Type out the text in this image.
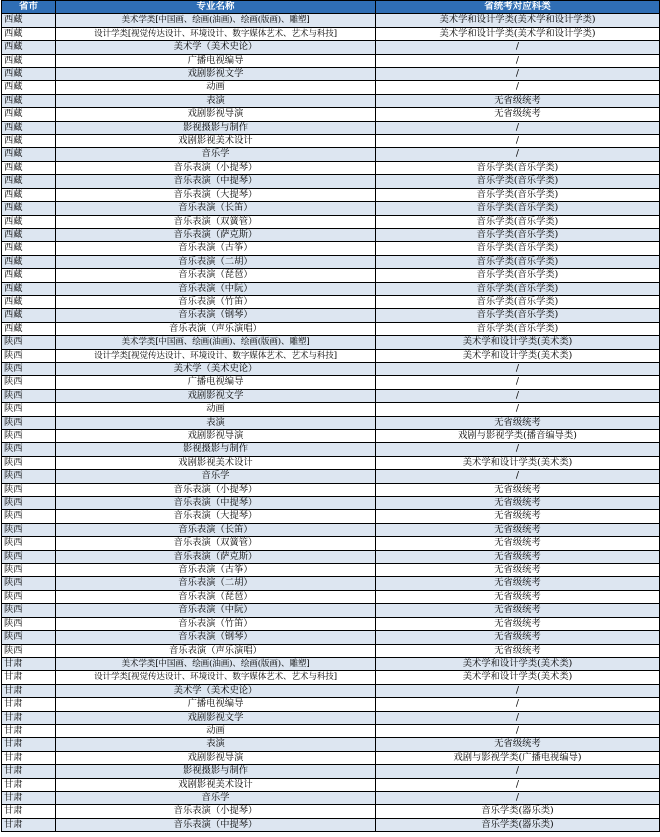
省市	专业名称	省统考对应科类
西藏	美术学类[中国画、绘画(油画)、绘画(版画)、雕塑]	美术学和设计学类(美术学和设计学类)
西藏	设计学类[视觉传达设计、环境设计、数字媒体艺术、艺术与科技]	美术学和设计学类(美术学和设计学类)
西藏	美术学（美术史论）	/
西藏	广播电视编导	/
西藏	戏剧影视文学	/
西藏	动画	/
西藏	表演	无省级统考
西藏	戏剧影视导演	无省级统考
西藏	影视摄影与制作	/
西藏	戏剧影视美术设计	/
西藏	音乐学	/
西藏	音乐表演（小提琴）	音乐学类(音乐学类)
西藏	音乐表演（中提琴）	音乐学类(音乐学类)
西藏	音乐表演（大提琴）	音乐学类(音乐学类)
西藏	音乐表演（长笛）	音乐学类(音乐学类)
西藏	音乐表演（双簧管）	音乐学类(音乐学类)
西藏	音乐表演（萨克斯）	音乐学类(音乐学类)
西藏	音乐表演（古筝）	音乐学类(音乐学类)
西藏	音乐表演（二胡）	音乐学类(音乐学类)
西藏	音乐表演（琵琶）	音乐学类(音乐学类)
西藏	音乐表演（中阮）	音乐学类(音乐学类)
西藏	音乐表演（竹笛）	音乐学类(音乐学类)
西藏	音乐表演（钢琴）	音乐学类(音乐学类)
西藏	音乐表演（声乐演唱）	音乐学类(音乐学类)
陕西	美术学类[中国画、绘画(油画)、绘画(版画)、雕塑]	美术学和设计学类(美术类)
陕西	设计学类[视觉传达设计、环境设计、数字媒体艺术、艺术与科技]	美术学和设计学类(美术类)
陕西	美术学（美术史论）	/
陕西	广播电视编导	/
陕西	戏剧影视文学	/
陕西	动画	/
陕西	表演	无省级统考
陕西	戏剧影视导演	戏剧与影视学类(播音编导类)
陕西	影视摄影与制作	/
陕西	戏剧影视美术设计	美术学和设计学类(美术类)
陕西	音乐学	/
陕西	音乐表演（小提琴）	无省级统考
陕西	音乐表演（中提琴）	无省级统考
陕西	音乐表演（大提琴）	无省级统考
陕西	音乐表演（长笛）	无省级统考
陕西	音乐表演（双簧管）	无省级统考
陕西	音乐表演（萨克斯）	无省级统考
陕西	音乐表演（古筝）	无省级统考
陕西	音乐表演（二胡）	无省级统考
陕西	音乐表演（琵琶）	无省级统考
陕西	音乐表演（中阮）	无省级统考
陕西	音乐表演（竹笛）	无省级统考
陕西	音乐表演（钢琴）	无省级统考
陕西	音乐表演（声乐演唱）	无省级统考
甘肃	美术学类[中国画、绘画(油画)、绘画(版画)、雕塑]	美术学和设计学类(美术类)
甘肃	设计学类[视觉传达设计、环境设计、数字媒体艺术、艺术与科技]	美术学和设计学类(美术类)
甘肃	美术学（美术史论）	/
甘肃	广播电视编导	/
甘肃	戏剧影视文学	/
甘肃	动画	/
甘肃	表演	无省级统考
甘肃	戏剧影视导演	戏剧与影视学类(广播电视编导)
甘肃	影视摄影与制作	/
甘肃	戏剧影视美术设计	/
甘肃	音乐学	/
甘肃	音乐表演（小提琴）	音乐学类(器乐类)
甘肃	音乐表演（中提琴）	音乐学类(器乐类)
